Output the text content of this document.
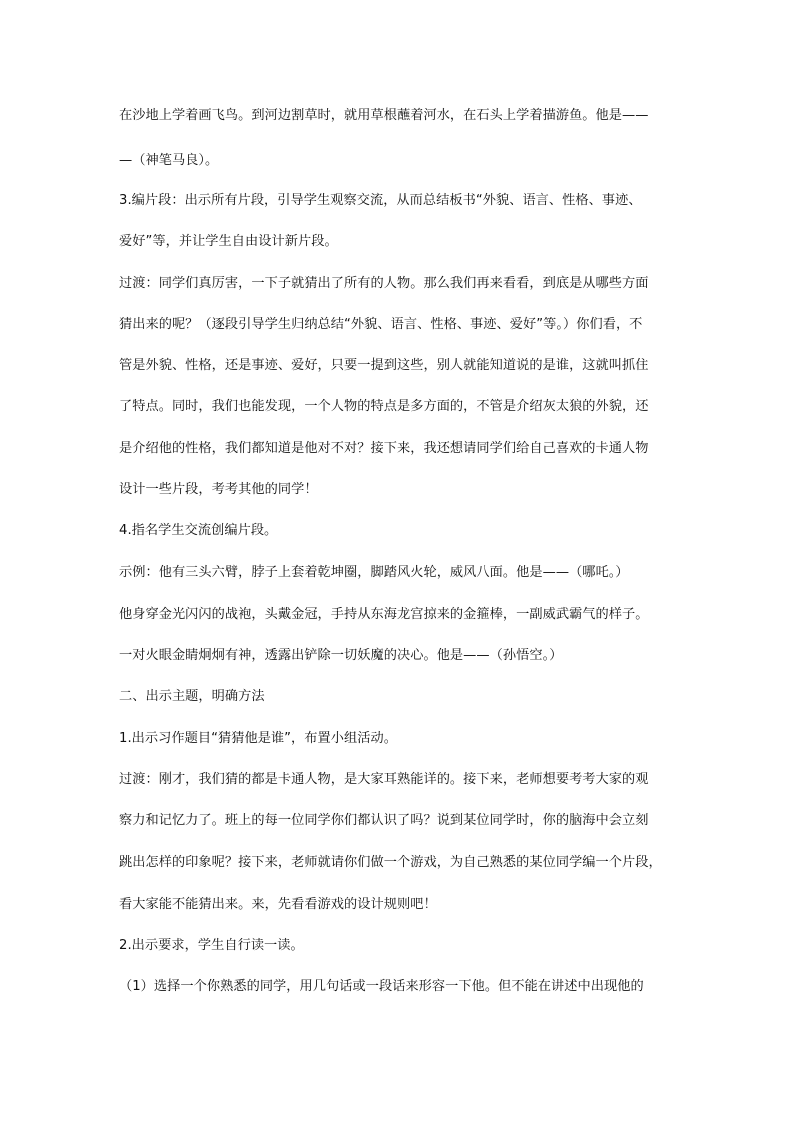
在沙地上学着画飞鸟。到河边割草时，就用草根蘸着河水，在石头上学着描游鱼。他是——
—（神笔马良）。
3.编片段：出示所有片段，引导学生观察交流，从而总结板书“外貌、语言、性格、事迹、
爱好”等，并让学生自由设计新片段。
过渡：同学们真厉害，一下子就猜出了所有的人物。那么我们再来看看，到底是从哪些方面
猜出来的呢？（逐段引导学生归纳总结“外貌、语言、性格、事迹、爱好”等。）你们看，不
管是外貌、性格，还是事迹、爱好，只要一提到这些，别人就能知道说的是谁，这就叫抓住
了特点。同时，我们也能发现，一个人物的特点是多方面的，不管是介绍灰太狼的外貌，还
是介绍他的性格，我们都知道是他对不对？接下来，我还想请同学们给自己喜欢的卡通人物
设计一些片段，考考其他的同学！
4.指名学生交流创编片段。
示例：他有三头六臂，脖子上套着乾坤圈，脚踏风火轮，威风八面。他是——（哪吒。）
他身穿金光闪闪的战袍，头戴金冠，手持从东海龙宫掠来的金箍棒，一副威武霸气的样子。
一对火眼金睛炯炯有神，透露出铲除一切妖魔的决心。他是——（孙悟空。）
二、出示主题，明确方法
1.出示习作题目“猜猜他是谁”，布置小组活动。
过渡：刚才，我们猜的都是卡通人物，是大家耳熟能详的。接下来，老师想要考考大家的观
察力和记忆力了。班上的每一位同学你们都认识了吗？说到某位同学时，你的脑海中会立刻
跳出怎样的印象呢？接下来，老师就请你们做一个游戏，为自己熟悉的某位同学编一个片段，
看大家能不能猜出来。来，先看看游戏的设计规则吧！
2.出示要求，学生自行读一读。
（1）选择一个你熟悉的同学，用几句话或一段话来形容一下他。但不能在讲述中出现他的
